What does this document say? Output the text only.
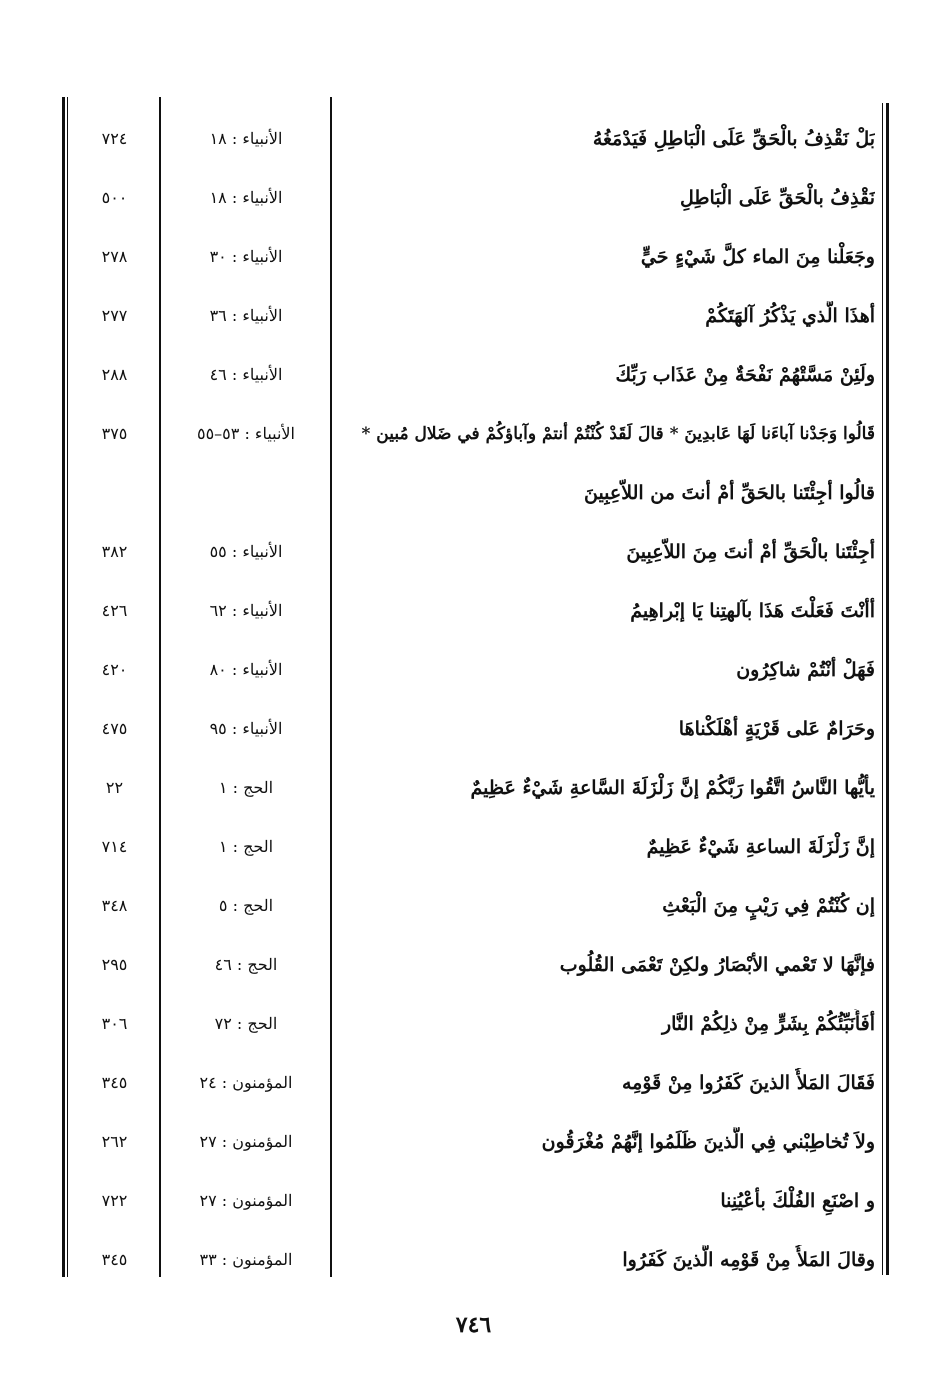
بَلْ نَقْذِفُ بالْحَقِّ عَلَى الْبَاطِلِ فَيَدْمَغُهُ
الأنبياء : ١٨
٧٢٤
نَقْذِفُ بالْحَقِّ عَلَى الْبَاطِلِ
الأنبياء : ١٨
٥٠٠
وجَعَلْنا مِنَ الماء كلَّ شَيْءٍ حَيٍّ
الأنبياء : ٣٠
٢٧٨
أهذَا الَّذي يَذْكُرُ آلهَتَكُمْ
الأنبياء : ٣٦
٢٧٧
ولَئِنْ مَسَّتْهُمْ نَفْحَةٌ مِنْ عَذَاب رَبِّكَ
الأنبياء : ٤٦
٢٨٨
قَالُوا وَجَدْنا آباءَنا لَهَا عَابدِينَ * قالَ لَقَدْ كُنْتُمْ أنتمْ وآباؤكُمْ في ضَلال مُبين *
الأنبياء : ٥٣–٥٥
٣٧٥
قالُوا أجِئْتَنا بالحَقِّ أمْ أنتَ من اللاّعِبِينَ
أجِئْتَنا بالْحَقِّ أمْ أنتَ مِنَ اللاّعِبِينَ
الأنبياء : ٥٥
٣٨٢
أأنْتَ فَعَلْتَ هَذَا بآلهتِنا يَا إبْراهِيمُ
الأنبياء : ٦٢
٤٢٦
فَهَلْ أنْتُمْ شاكِرُون
الأنبياء : ٨٠
٤٢٠
وحَرَامٌ عَلى قَرْيَةٍ أهْلَكْناهَا
الأنبياء : ٩٥
٤٧٥
يأيُّها النَّاسُ اتَّقُوا رَبَّكُمْ إنَّ زَلْزَلَةَ السَّاعةِ شَيْءٌ عَظِيمٌ
الحج : ١
٢٢
إنَّ زَلْزَلَةَ الساعةِ شَيْءٌ عَظِيمٌ
الحج : ١
٧١٤
إن كُنْتُمْ فِي رَيْبٍ مِنَ الْبَعْثِ
الحج : ٥
٣٤٨
فإنَّهَا لا تَعْمي الأبْصَارُ ولكِنْ تَعْمَى القُلُوب
الحج : ٤٦
٢٩٥
أفَأُنَبِّئُكُمْ بِشَرٍّ مِنْ ذلِكُمْ النَّار
الحج : ٧٢
٣٠٦
فَقَالَ المَلأُ الذينَ كَفَرُوا مِنْ قَوْمِه
المؤمنون : ٢٤
٣٤٥
ولاَ تُخاطِبْني فِي الَّذينَ ظَلَمُوا إنَّهُمْ مُغْرَقُون
المؤمنون : ٢٧
٢٦٢
و اصْنَعِ الفُلْكَ بأعْيُنِنا
المؤمنون : ٢٧
٧٢٢
وقالَ المَلأُ مِنْ قَوْمِه الَّذينَ كَفَرُوا
المؤمنون : ٣٣
٣٤٥
٧٤٦
